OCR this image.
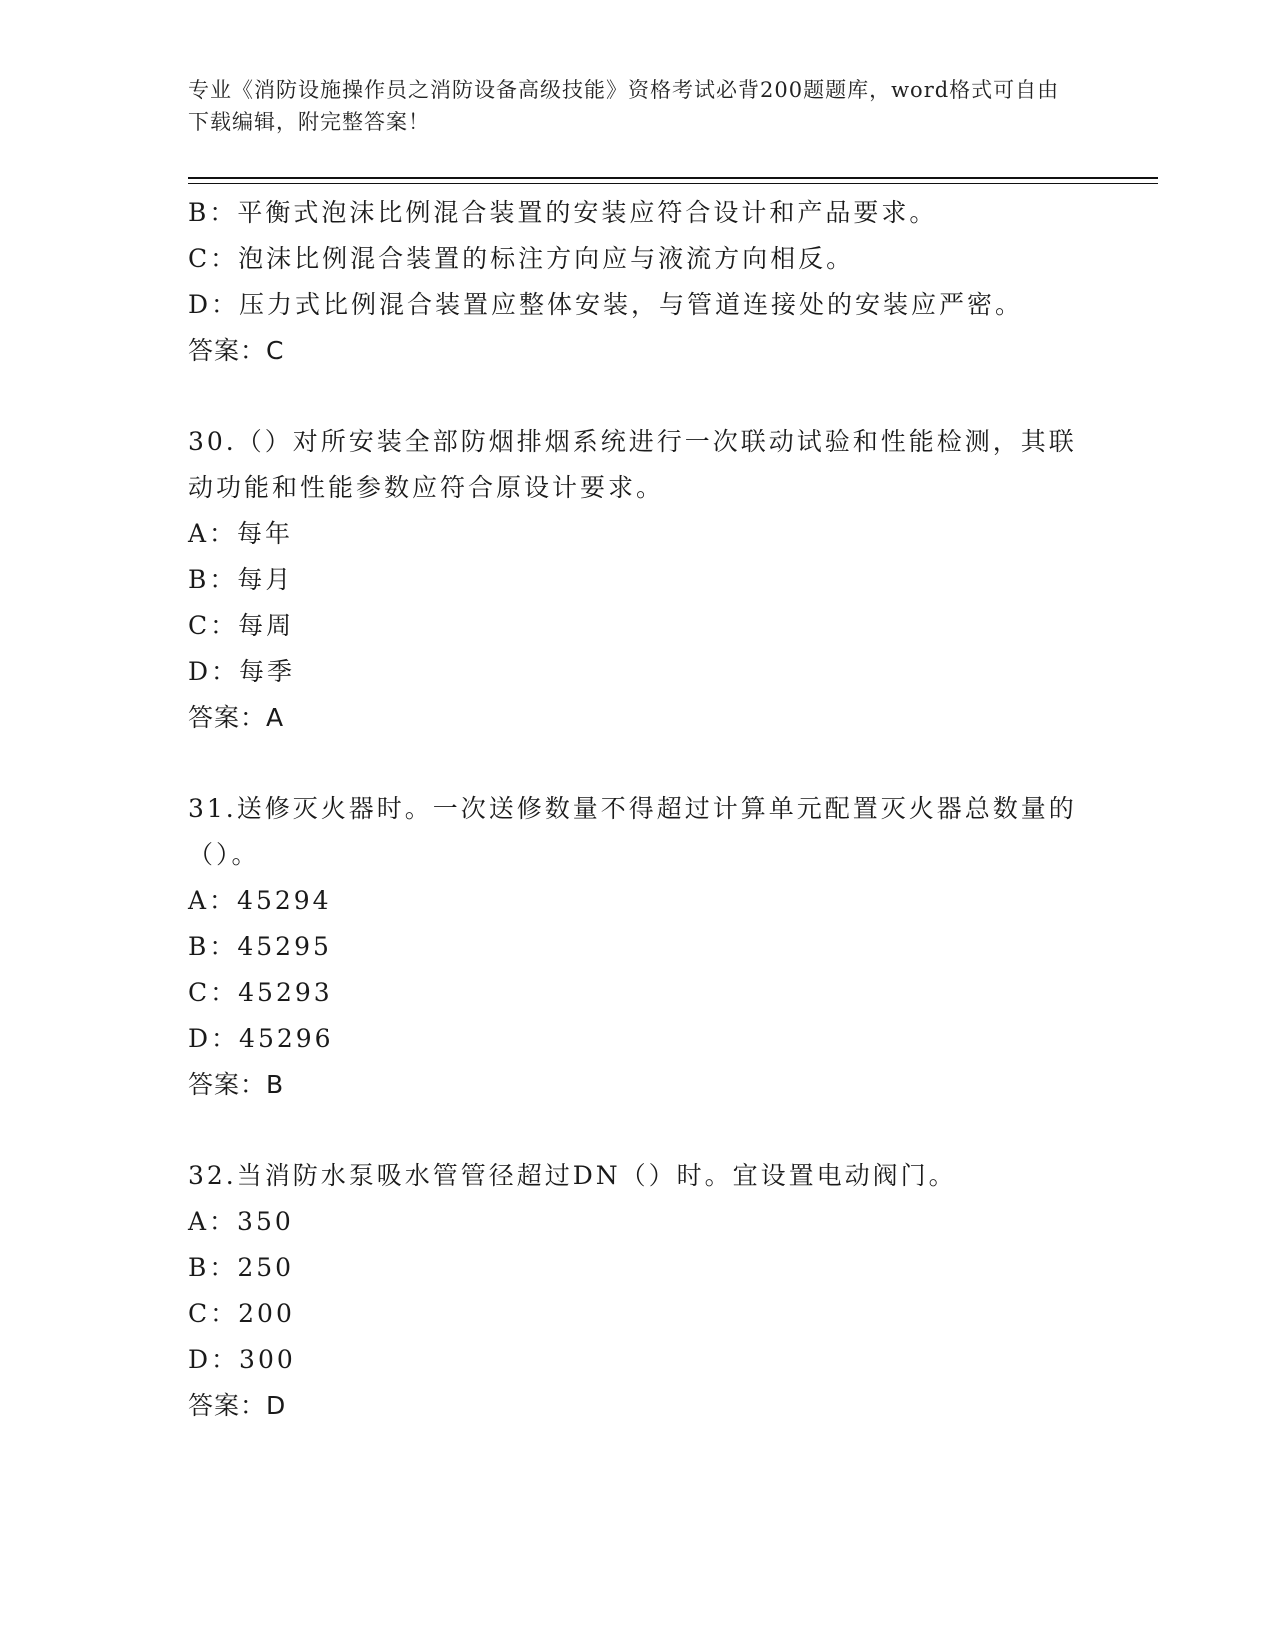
专业《消防设施操作员之消防设备高级技能》资格考试必背200题题库，word格式可自由下载编辑，附完整答案！
B：平衡式泡沫比例混合装置的安装应符合设计和产品要求。
C：泡沫比例混合装置的标注方向应与液流方向相反。
D：压力式比例混合装置应整体安装，与管道连接处的安装应严密。
答案：C
30.（）对所安装全部防烟排烟系统进行一次联动试验和性能检测，其联动功能和性能参数应符合原设计要求。
A：每年
B：每月
C：每周
D：每季
答案：A
31.送修灭火器时。一次送修数量不得超过计算单元配置灭火器总数量的（）。
A：45294
B：45295
C：45293
D：45296
答案：B
32.当消防水泵吸水管管径超过DN（）时。宜设置电动阀门。
A：350
B：250
C：200
D：300
答案：D
